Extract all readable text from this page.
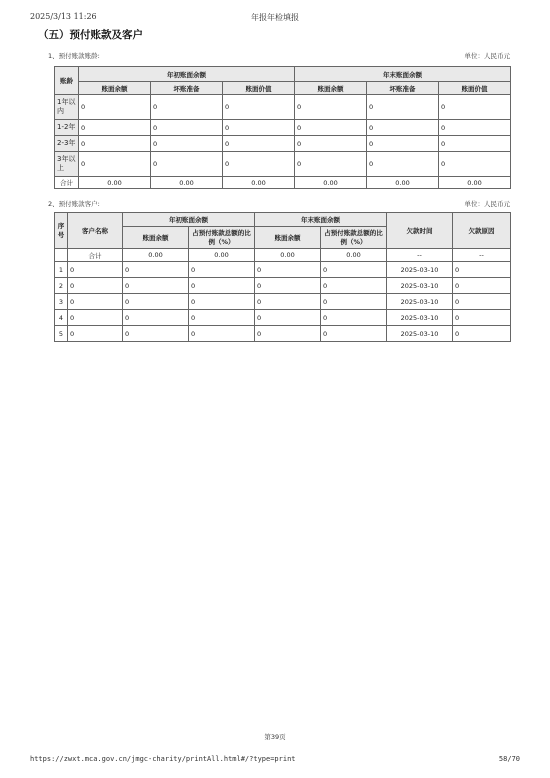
2025/3/13 11:26	年报年检填报
（五）预付账款及客户
1、预付账款账龄:	单位：人民币元
账龄	年初账面余额			年末账面余额		
	账面余额	坏账准备	账面价值	账面余额	坏账准备	账面价值
1年以内	0	0	0	0	0	0
1-2年	0	0	0	0	0	0
2-3年	0	0	0	0	0	0
3年以上	0	0	0	0	0	0
合计	0.00	0.00	0.00	0.00	0.00	0.00
2、预付账款客户:	单位：人民币元
序号	客户名称	年初账面余额		年末账面余额		欠款时间	欠款原因
		账面余额	占预付账款总额的比例（%）	账面余额	占预付账款总额的比例（%）		
	合计	0.00	0.00	0.00	0.00	--	--
1	0	0	0	0	0	2025-03-10	0
2	0	0	0	0	0	2025-03-10	0
3	0	0	0	0	0	2025-03-10	0
4	0	0	0	0	0	2025-03-10	0
5	0	0	0	0	0	2025-03-10	0
第39页
https://zwxt.mca.gov.cn/jmgc-charity/printAll.html#/?type=print	58/70
